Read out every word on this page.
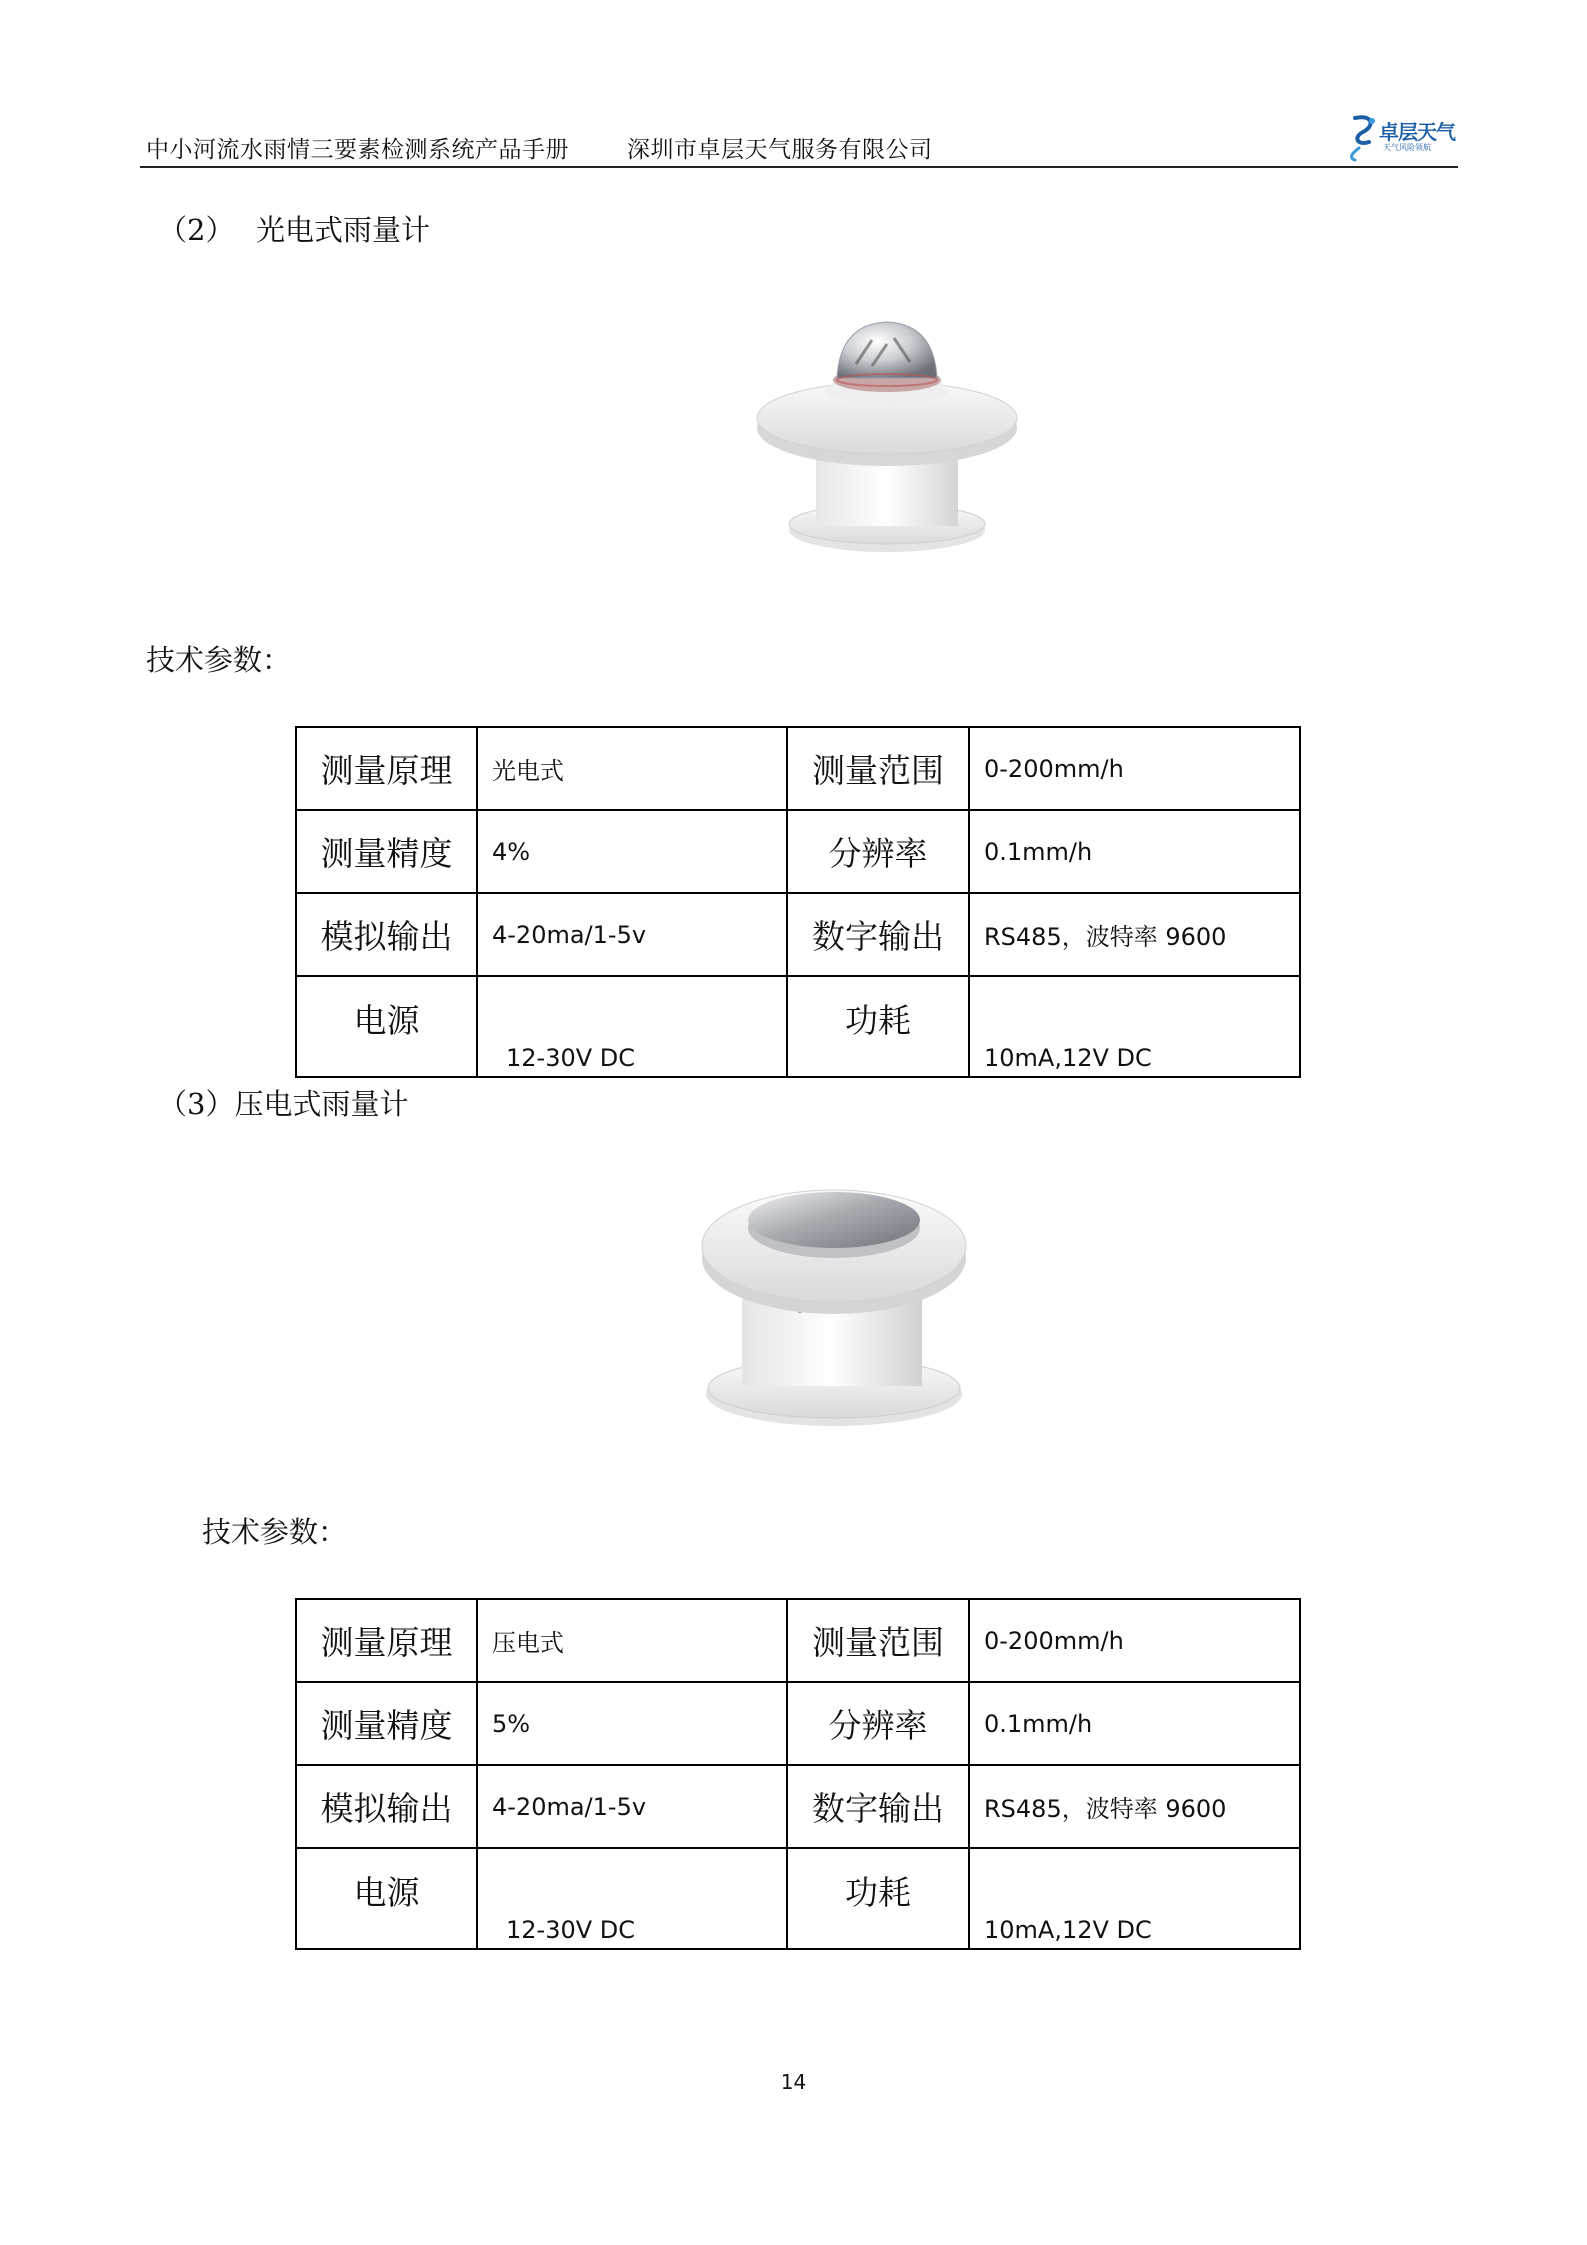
中小河流水雨情三要素检测系统产品手册	深圳市卓层天气服务有限公司
卓层天气
天气风险领航
（2） 光电式雨量计
技术参数：
测量原理	光电式	测量范围	0-200mm/h
测量精度	4%	分辨率	0.1mm/h
模拟输出	4-20ma/1-5v	数字输出	RS485，波特率 9600
电源	12-30V DC	功耗	10mA,12V DC
（3）压电式雨量计
技术参数：
测量原理	压电式	测量范围	0-200mm/h
测量精度	5%	分辨率	0.1mm/h
模拟输出	4-20ma/1-5v	数字输出	RS485，波特率 9600
电源	12-30V DC	功耗	10mA,12V DC
14
